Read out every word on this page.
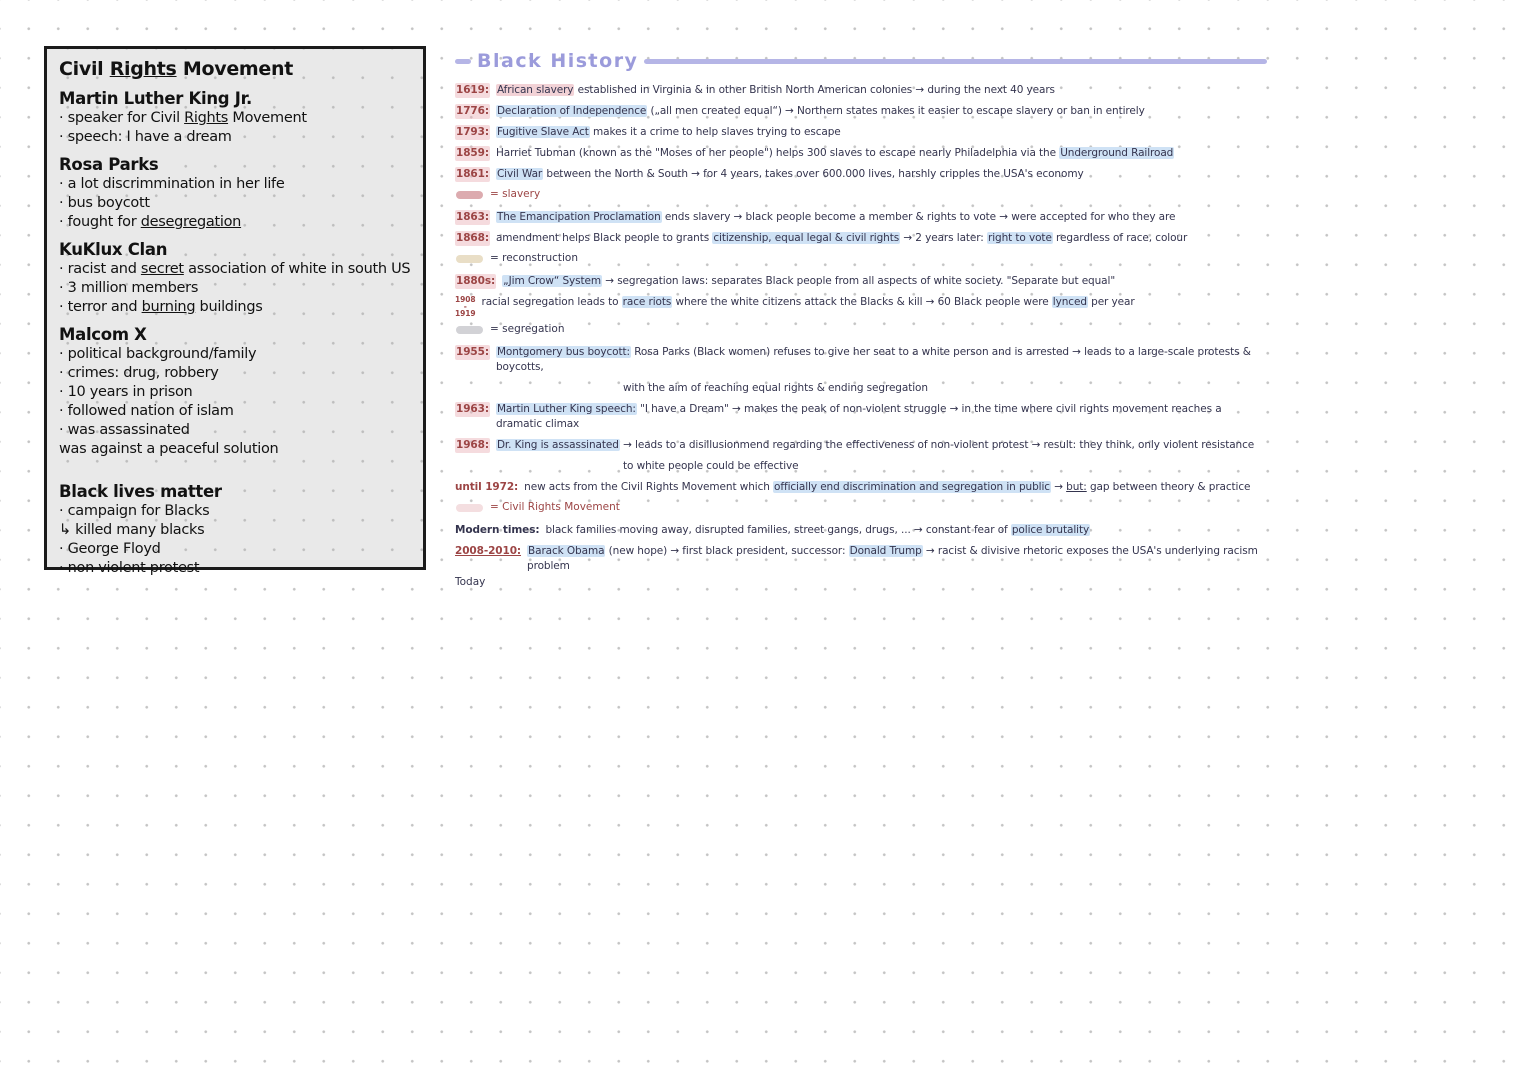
Civil Rights Movement
Martin Luther King Jr.
· speaker for Civil Rights Movement
· speech: I have a dream
Rosa Parks
· a lot discrimmination in her life
· bus boycott
· fought for desegregation
KuKlux Clan
· racist and secret association of white in south US
· 3 million members
· terror and burning buildings
Malcom X
· political background/family
· crimes: drug, robbery
· 10 years in prison
· followed nation of islam
· was assassinated
was against a peaceful solution
Black lives matter
· campaign for Blacks
↳ killed many blacks
· George Floyd
· non violent protest
Black History
1619: African slavery established in Virginia & in other British North American colonies → during the next 40 years
1776: Declaration of Independence („all men created equal“) → Northern states makes it easier to escape slavery or ban in entirely
1793: Fugitive Slave Act makes it a crime to help slaves trying to escape
1859: Harriet Tubman (known as the "Moses of her people") helps 300 slaves to escape nearly Philadelphia via the Underground Railroad
1861: Civil War between the North & South → for 4 years, takes over 600.000 lives, harshly cripples the USA's economy
= slavery
1863: The Emancipation Proclamation ends slavery → black people become a member & rights to vote → were accepted for who they are
1868: amendment helps Black people to grants citizenship, equal legal & civil rights → 2 years later: right to vote regardless of race, colour
= reconstruction
1880s: „Jim Crow“ System → segregation laws: separates Black people from all aspects of white society. "Separate but equal"
1908
-
1919
racial segregation leads to race riots where the white citizens attack the Blacks & kill → 60 Black people were lynced per year
= segregation
1955: Montgomery bus boycott: Rosa Parks (Black women) refuses to give her seat to a white person and is arrested → leads to a large-scale protests & boycotts,
with the aim of reaching equal rights & ending segregation
1963: Martin Luther King speech: "I have a Dream" → makes the peak of non-violent struggle → in the time where civil rights movement reaches a dramatic climax
1968: Dr. King is assassinated → leads to a disillusionmend regarding the effectiveness of non-violent protest → result: they think, only violent resistance
to white people could be effective
until 1972: new acts from the Civil Rights Movement which officially end discrimination and segregation in public → but: gap between theory & practice
= Civil Rights Movement
Modern times: black families moving away, disrupted families, street gangs, drugs, ... → constant fear of police brutality
2008-2010: Barack Obama (new hope) → first black president, successor: Donald Trump → racist & divisive rhetoric exposes the USA's underlying racism problem
Today
